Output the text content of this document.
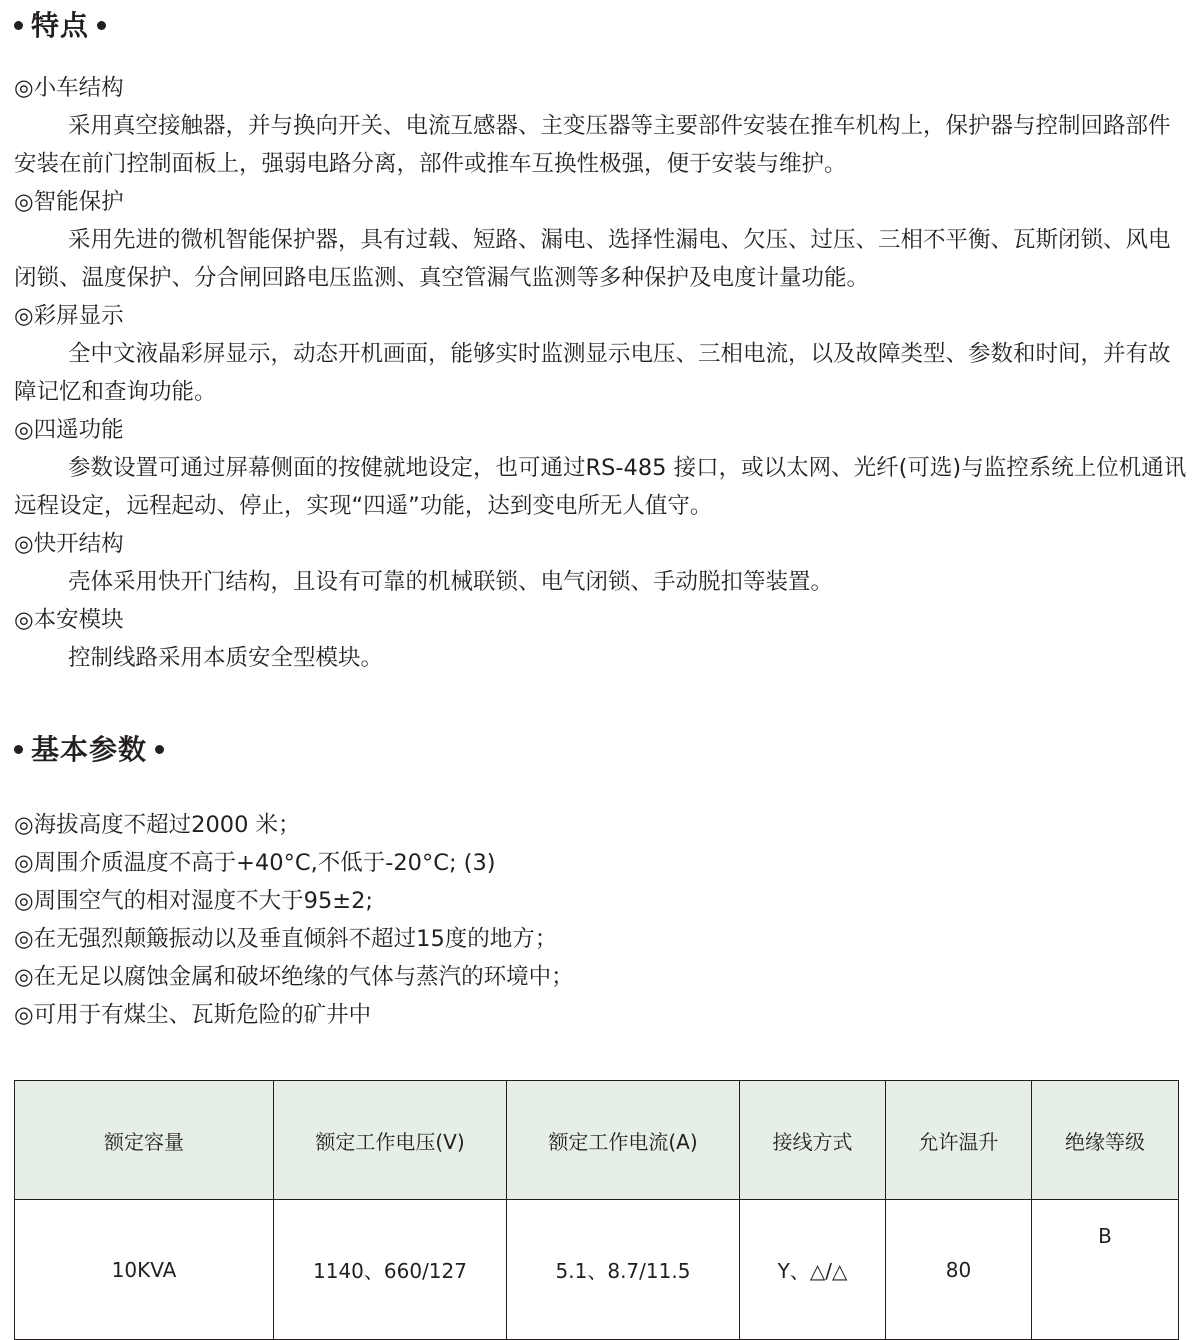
特点

◎小车结构

采用真空接触器，并与换向开关、电流互感器、主变压器等主要部件安装在推车机构上，保护器与控制回路部件安装在前门控制面板上，强弱电路分离，部件或推车互换性极强，便于安装与维护。

◎智能保护

采用先进的微机智能保护器，具有过载、短路、漏电、选择性漏电、欠压、过压、三相不平衡、瓦斯闭锁、风电闭锁、温度保护、分合闸回路电压监测、真空管漏气监测等多种保护及电度计量功能。

◎彩屏显示

全中文液晶彩屏显示，动态开机画面，能够实时监测显示电压、三相电流，以及故障类型、参数和时间，并有故障记忆和查询功能。

◎四遥功能

参数设置可通过屏幕侧面的按健就地设定，也可通过RS-485 接口，或以太网、光纤(可选)与监控系统上位机通讯远程设定，远程起动、停止，实现“四遥”功能，达到变电所无人值守。

◎快开结构

壳体采用快开门结构，且设有可靠的机械联锁、电气闭锁、手动脱扣等装置。

◎本安模块

控制线路采用本质安全型模块。

基本参数

◎海拔高度不超过2000 米；

◎周围介质温度不高于+40°C,不低于-20°C; (3)

◎周围空气的相对湿度不大于95±2;

◎在无强烈颠簸振动以及垂直倾斜不超过15度的地方；

◎在无足以腐蚀金属和破坏绝缘的气体与蒸汽的环境中；

◎可用于有煤尘、瓦斯危险的矿井中

额定容量	额定工作电压(V)	额定工作电流(A)	接线方式	允许温升	绝缘等级
10KVA	1140、660/127	5.1、8.7/11.5	Y、△/△	80	B
